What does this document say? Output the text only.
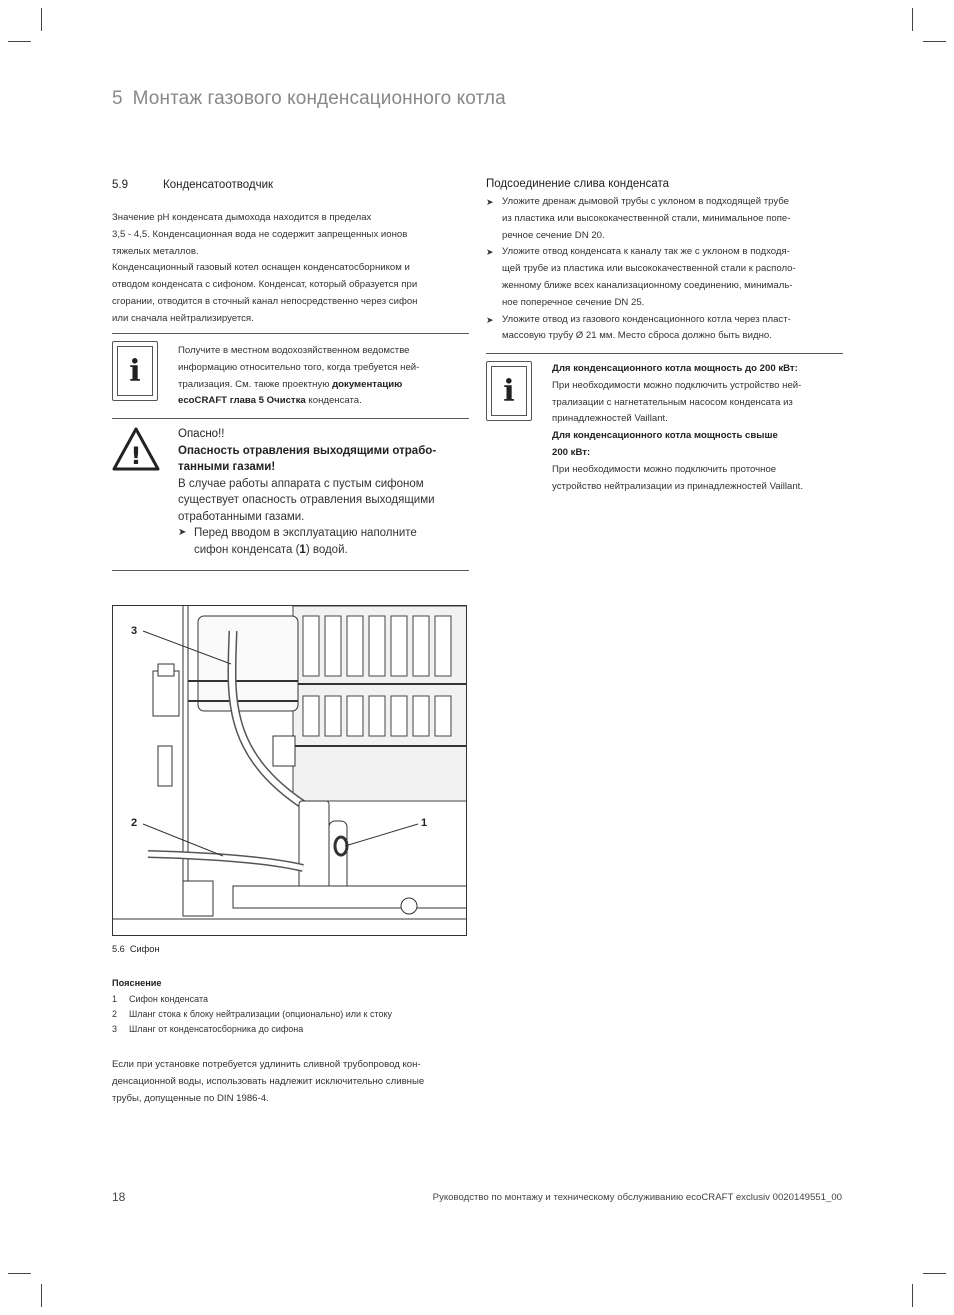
5 Монтаж газового конденсационного котла
5.9	Конденсатоотводчик
Значение pH конденсата дымохода находится в пределах
3,5 - 4,5. Конденсационная вода не содержит запрещенных ионов
тяжелых металлов.
Конденсационный газовый котел оснащен конденсатосборником и
отводом конденсата с сифоном. Конденсат, который образуется при
сгорании, отводится в сточный канал непосредственно через сифон
или сначала нейтрализируется.
i
Получите в местном водохозяйственном ведомстве
информацию относительно того, когда требуется ней-
трализация. См. также проектную документацию
ecoCRAFT глава 5 Очистка конденсата.
!
Опасно!!
Опасность отравления выходящими отрабо-
танными газами!
В случае работы аппарата с пустым сифоном
существует опасность отравления выходящими
отработанными газами.
➤ Перед вводом в эксплуатацию наполните
сифон конденсата (1) водой.
3
2	1
5.6 Сифон
Пояснение
1 Сифон конденсата
2 Шланг стока к блоку нейтрализации (опционально) или к стоку
3 Шланг от конденсатосборника до сифона
Если при установке потребуется удлинить сливной трубопровод кон-
денсационной воды, использовать надлежит исключительно сливные
трубы, допущенные по DIN 1986-4.
Подсоединение слива конденсата
➤ Уложите дренаж дымовой трубы с уклоном в подходящей трубе
из пластика или высококачественной стали, минимальное попе-
речное сечение DN 20.
➤ Уложите отвод конденсата к каналу так же с уклоном в подходя-
щей трубе из пластика или высококачественной стали к располо-
женному ближе всех канализационному соединению, минималь-
ное поперечное сечение DN 25.
➤ Уложите отвод из газового конденсационного котла через пласт-
массовую трубу Ø 21 мм. Место сброса должно быть видно.
i
Для конденсационного котла мощность до 200 кВт:
При необходимости можно подключить устройство ней-
трализации с нагнетательным насосом конденсата из
принадлежностей Vaillant.
Для конденсационного котла мощность свыше
200 кВт:
При необходимости можно подключить проточное
устройство нейтрализации из принадлежностей Vaillant.
18	Руководство по монтажу и техническому обслуживанию ecoCRAFT exclusiv 0020149551_00
